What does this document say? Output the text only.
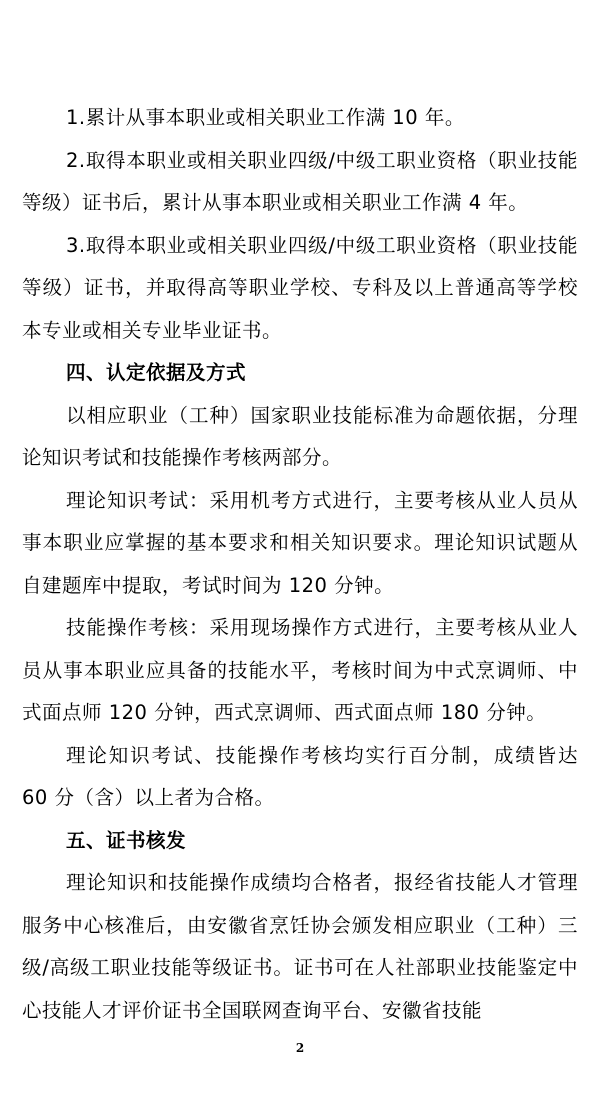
1.累计从事本职业或相关职业工作满 10 年。

2.取得本职业或相关职业四级/中级工职业资格（职业技能等级）证书后，累计从事本职业或相关职业工作满 4 年。

3.取得本职业或相关职业四级/中级工职业资格（职业技能等级）证书，并取得高等职业学校、专科及以上普通高等学校本专业或相关专业毕业证书。

四、认定依据及方式

以相应职业（工种）国家职业技能标准为命题依据，分理论知识考试和技能操作考核两部分。

理论知识考试：采用机考方式进行，主要考核从业人员从事本职业应掌握的基本要求和相关知识要求。理论知识试题从自建题库中提取，考试时间为 120 分钟。

技能操作考核：采用现场操作方式进行，主要考核从业人员从事本职业应具备的技能水平，考核时间为中式烹调师、中式面点师 120 分钟，西式烹调师、西式面点师 180 分钟。

理论知识考试、技能操作考核均实行百分制，成绩皆达 60 分（含）以上者为合格。

五、证书核发

理论知识和技能操作成绩均合格者，报经省技能人才管理服务中心核准后，由安徽省烹饪协会颁发相应职业（工种）三级/高级工职业技能等级证书。证书可在人社部职业技能鉴定中心技能人才评价证书全国联网查询平台、安徽省技能

2
